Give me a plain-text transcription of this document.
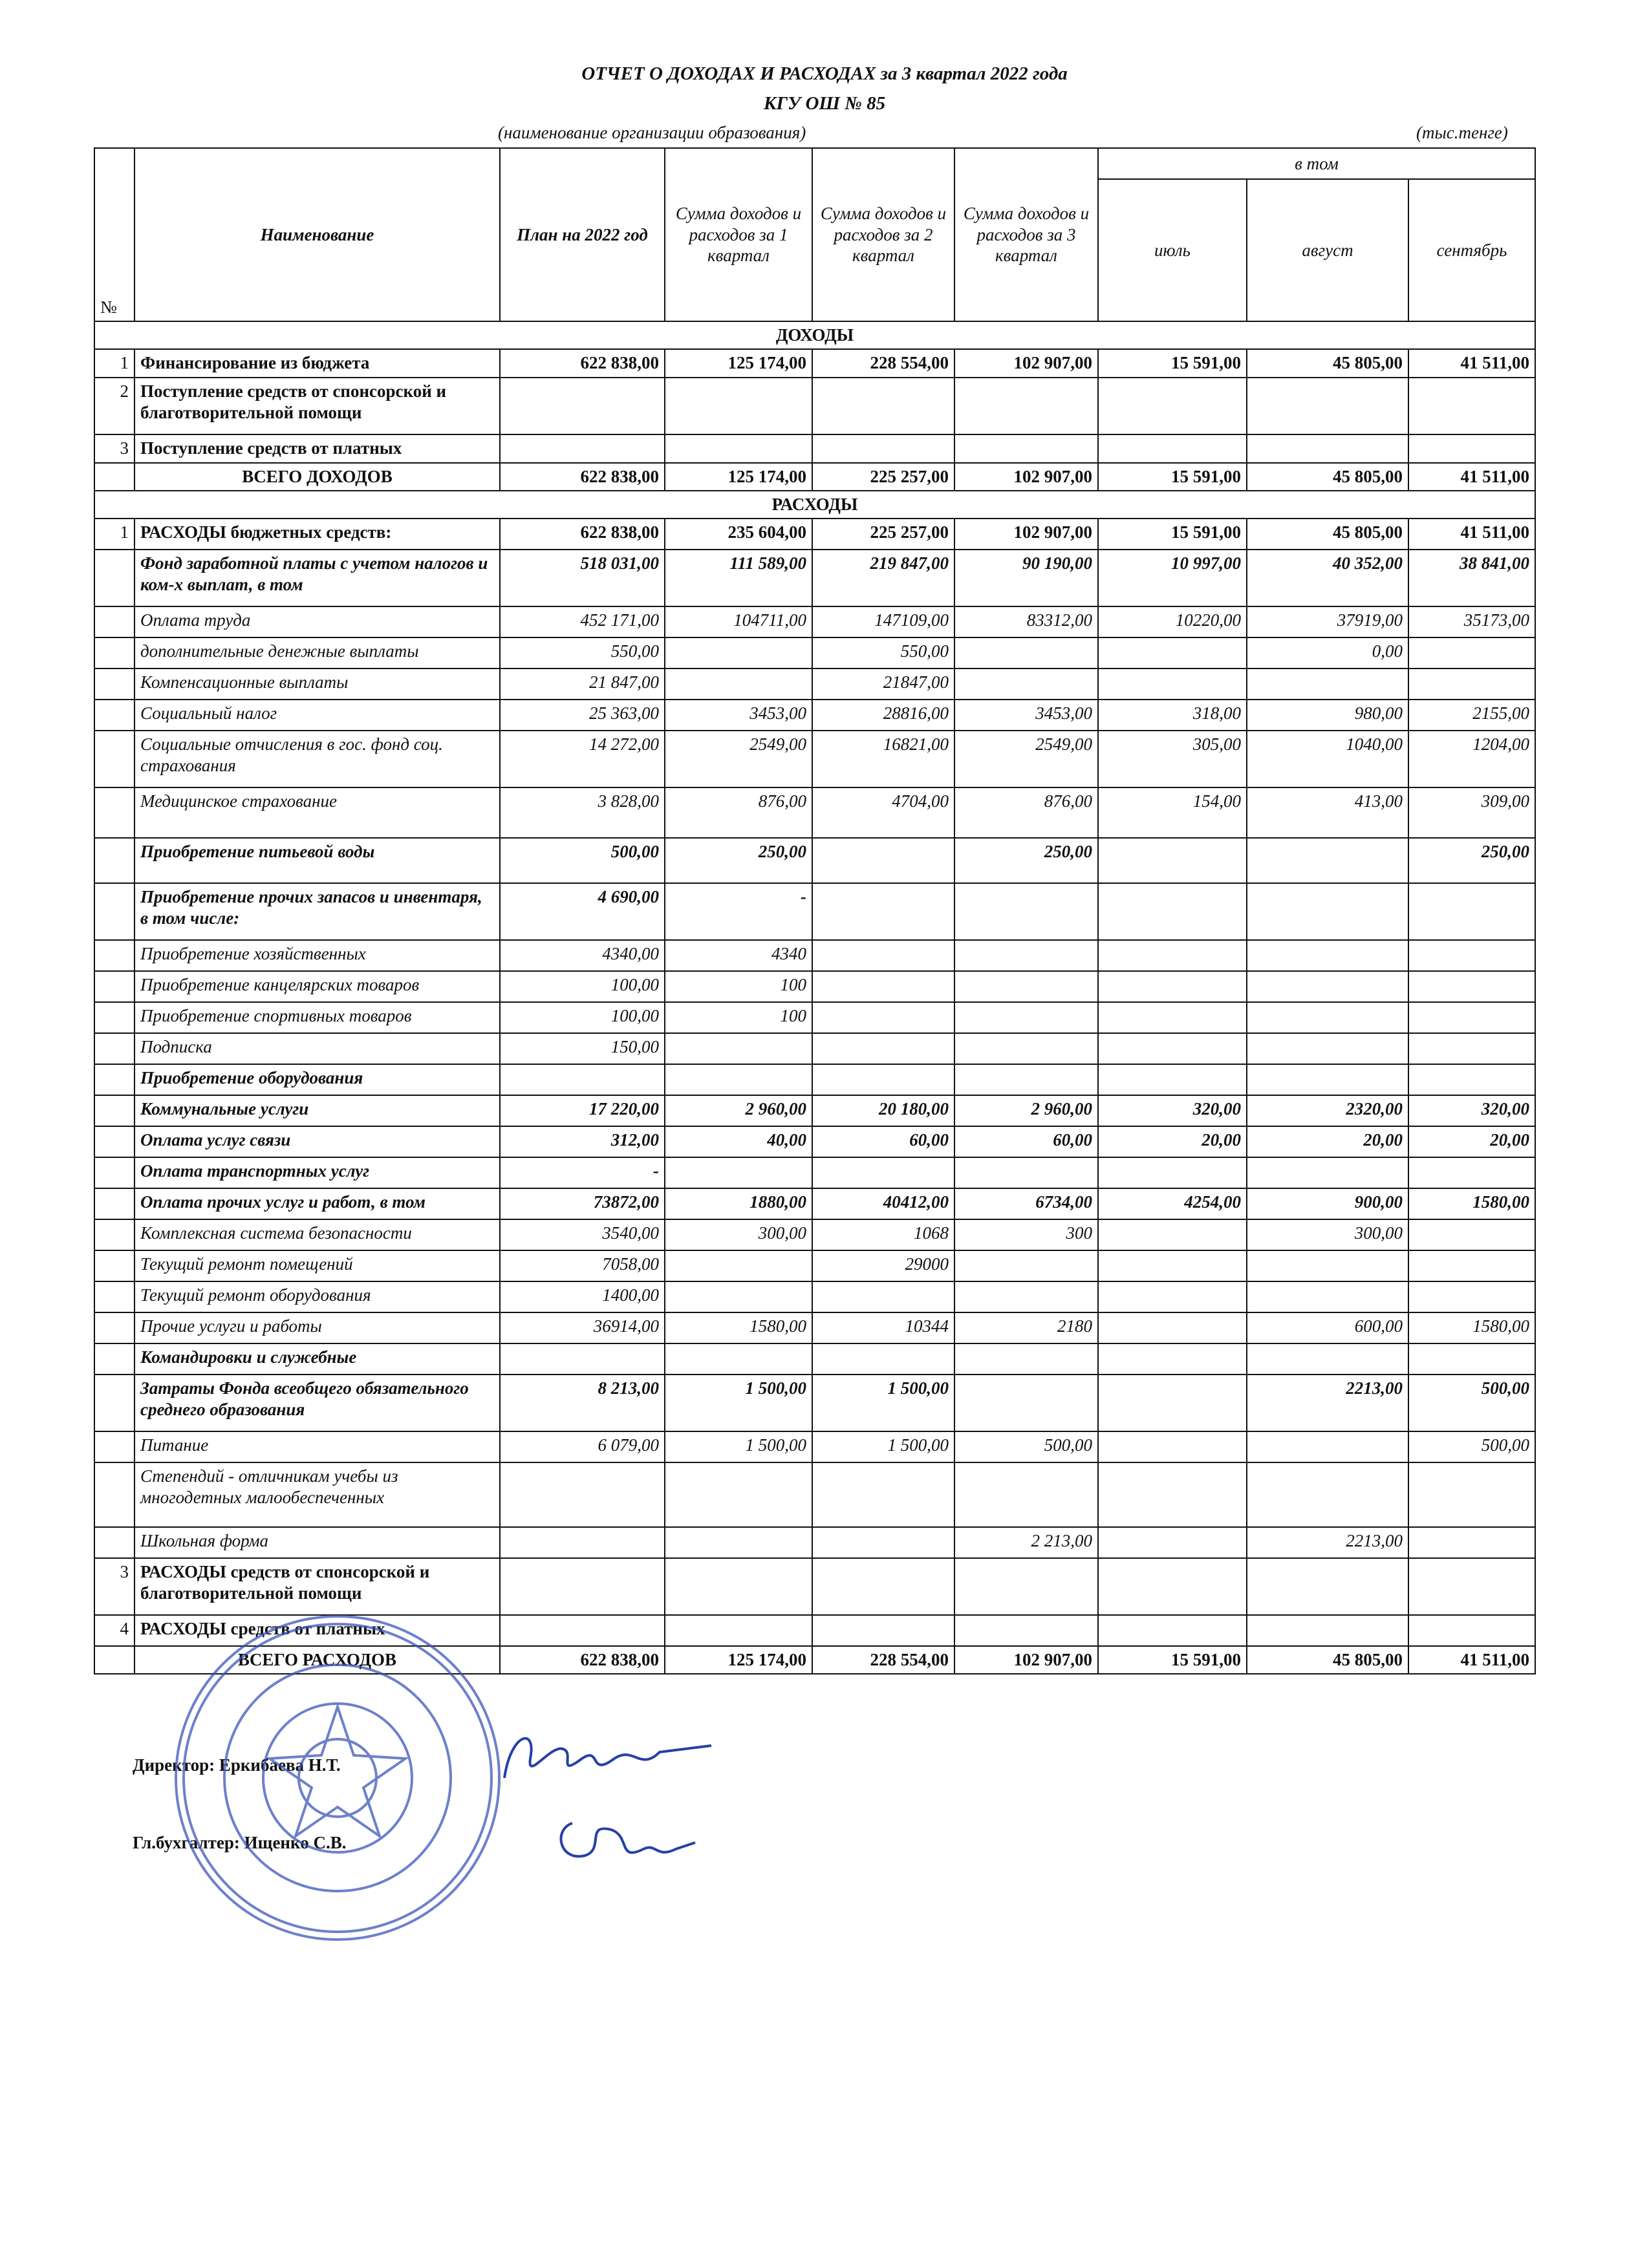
ОТЧЕТ О ДОХОДАХ И РАСХОДАХ за 3 квартал 2022 года
КГУ ОШ № 85
(наименование организации образования)	(тыс.тенге)
№	Наименование	План на 2022 год	Сумма доходов и расходов за 1 квартал	Сумма доходов и расходов за 2 квартал	Сумма доходов и расходов за 3 квартал	в том		
						июль	август	сентябрь
ДОХОДЫ								
1	Финансирование из бюджета	622 838,00	125 174,00	228 554,00	102 907,00	15 591,00	45 805,00	41 511,00
2	Поступление средств от спонсорской и благотворительной помощи							
3	Поступление средств от платных							
	ВСЕГО ДОХОДОВ	622 838,00	125 174,00	225 257,00	102 907,00	15 591,00	45 805,00	41 511,00
РАСХОДЫ								
1	РАСХОДЫ бюджетных средств:	622 838,00	235 604,00	225 257,00	102 907,00	15 591,00	45 805,00	41 511,00
	Фонд заработной платы с учетом налогов и ком-х выплат, в том	518 031,00	111 589,00	219 847,00	90 190,00	10 997,00	40 352,00	38 841,00
	Оплата труда	452 171,00	104711,00	147109,00	83312,00	10220,00	37919,00	35173,00
	дополнительные денежные выплаты	550,00		550,00			0,00	
	Компенсационные выплаты	21 847,00		21847,00				
	Социальный налог	25 363,00	3453,00	28816,00	3453,00	318,00	980,00	2155,00
	Социальные отчисления в гос. фонд соц. страхования	14 272,00	2549,00	16821,00	2549,00	305,00	1040,00	1204,00
	Медицинское страхование	3 828,00	876,00	4704,00	876,00	154,00	413,00	309,00
	Приобретение питьевой воды	500,00	250,00		250,00			250,00
	Приобретение прочих запасов и инвентаря, в том числе:	4 690,00	-					
	Приобретение хозяйственных	4340,00	4340					
	Приобретение канцелярских товаров	100,00	100					
	Приобретение спортивных товаров	100,00	100					
	Подписка	150,00						
	Приобретение оборудования							
	Коммунальные услуги	17 220,00	2 960,00	20 180,00	2 960,00	320,00	2320,00	320,00
	Оплата услуг связи	312,00	40,00	60,00	60,00	20,00	20,00	20,00
	Оплата транспортных услуг	-						
	Оплата прочих услуг и работ, в том	73872,00	1880,00	40412,00	6734,00	4254,00	900,00	1580,00
	Комплексная система безопасности	3540,00	300,00	1068	300		300,00	
	Текущий ремонт помещений	7058,00		29000				
	Текущий ремонт оборудования	1400,00						
	Прочие услуги и работы	36914,00	1580,00	10344	2180		600,00	1580,00
	Командировки и служебные							
	Затраты Фонда всеобщего обязательного среднего образования	8 213,00	1 500,00	1 500,00			2213,00	500,00
	Питание	6 079,00	1 500,00	1 500,00	500,00			500,00
	Степендий - отличникам учебы из многодетных малообеспеченных							
	Школьная форма				2 213,00		2213,00	
3	РАСХОДЫ средств от спонсорской и благотворительной помощи							
4	РАСХОДЫ средств от платных							
	ВСЕГО РАСХОДОВ	622 838,00	125 174,00	228 554,00	102 907,00	15 591,00	45 805,00	41 511,00
Директор: Еркибаева Н.Т.
Гл.бухгалтер: Ищенко С.В.
